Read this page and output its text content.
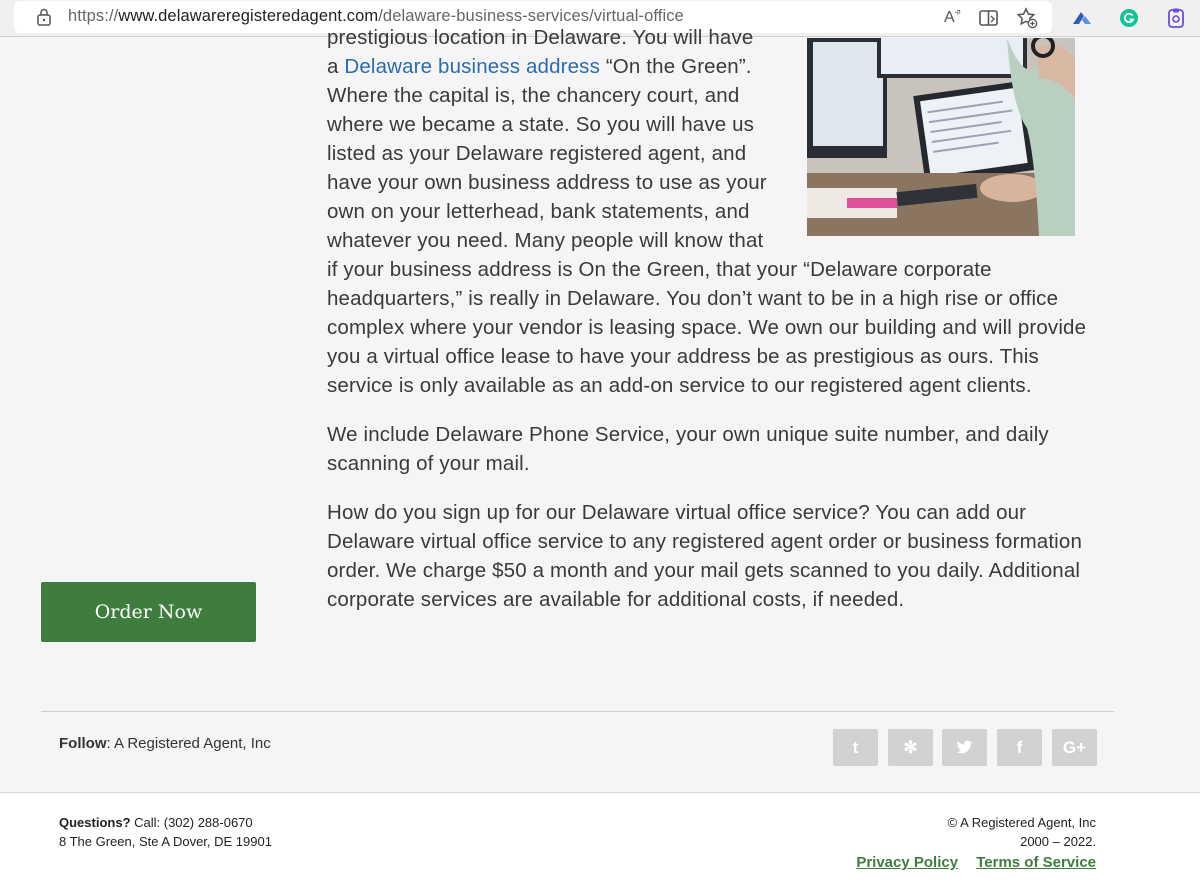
https://www.delawareregisteredagent.com/delaware-business-services/virtual-office	A
»

prestigious location in Delaware. You will have a Delaware business address “On the Green”. Where the capital is, the chancery court, and where we became a state. So you will have us listed as your Delaware registered agent, and have your own business address to use as your own on your letterhead, bank statements, and whatever you need. Many people will know that if your business address is On the Green, that your “Delaware corporate headquarters,” is really in Delaware. You don’t want to be in a high rise or office complex where your vendor is leasing space. We own our building and will provide you a virtual office lease to have your address be as prestigious as ours. This service is only available as an add-on service to our registered agent clients.

We include Delaware Phone Service, your own unique suite number, and daily scanning of your mail.

How do you sign up for our Delaware virtual office service? You can add our Delaware virtual office service to any registered agent order or business formation order. We charge $50 a month and your mail gets scanned to you daily. Additional corporate services are available for additional costs, if needed.

Order Now
Follow: A Registered Agent, Inc	t	✻	f	G+
Questions? Call: (302) 288-0670
8 The Green, Ste A Dover, DE 19901
© A Registered Agent, Inc
2000 – 2022.
Privacy Policy Terms of Service
